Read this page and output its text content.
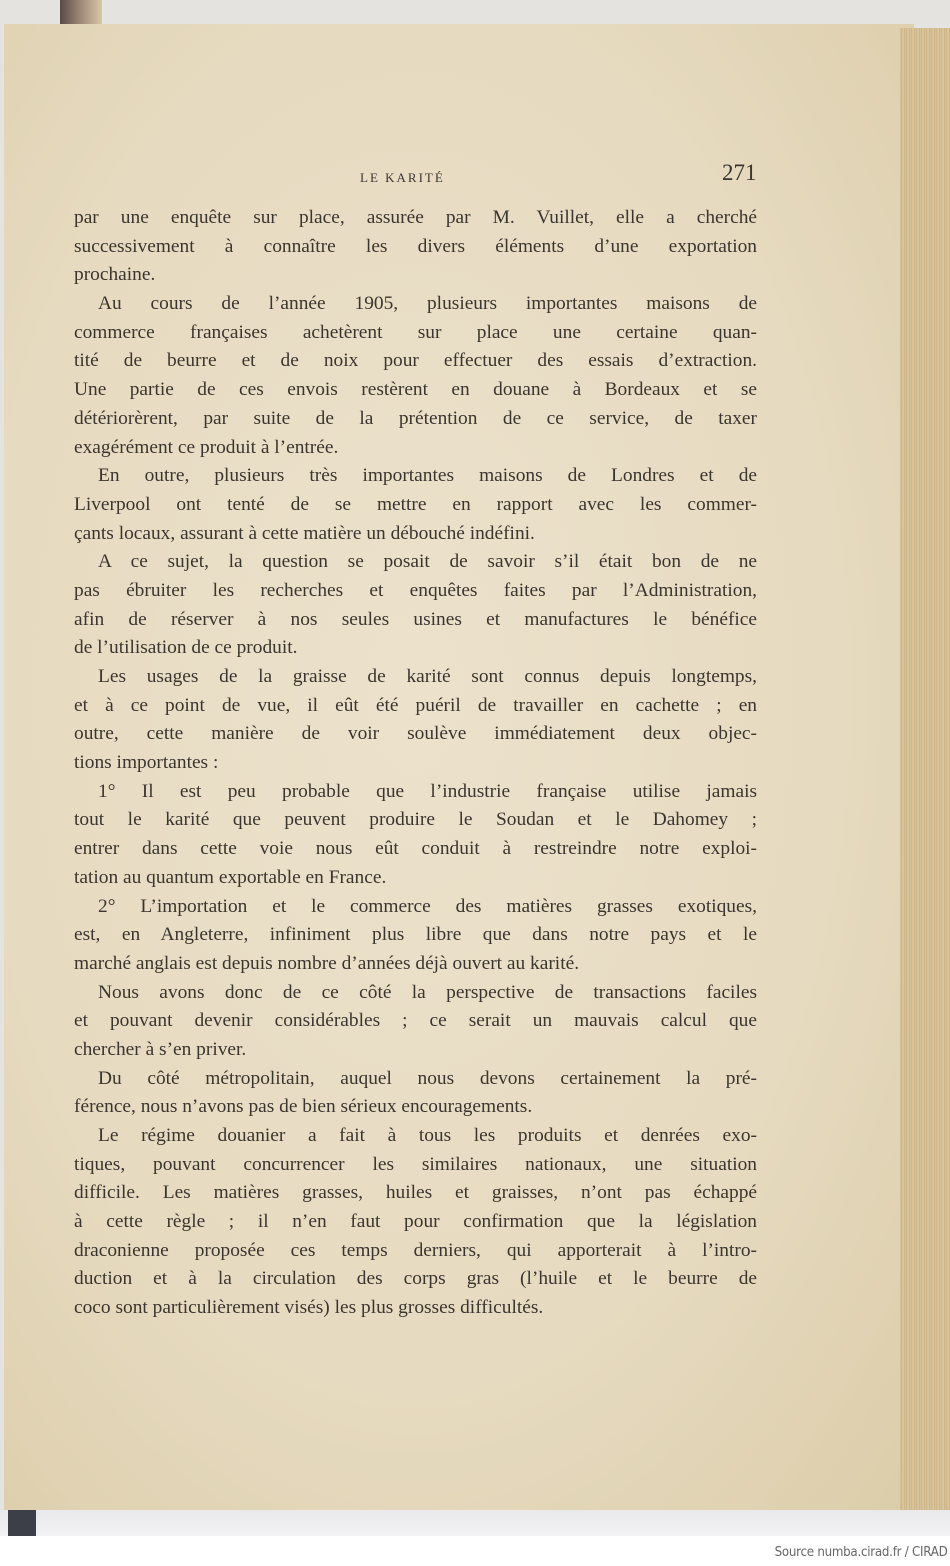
LE KARITÉ	271
par une enquête sur place, assurée par M. Vuillet, elle a cherché
successivement à connaître les divers éléments d’une exportation
prochaine.
Au cours de l’année 1905, plusieurs importantes maisons de
commerce françaises achetèrent sur place une certaine quan-
tité de beurre et de noix pour effectuer des essais d’extraction.
Une partie de ces envois restèrent en douane à Bordeaux et se
détériorèrent, par suite de la prétention de ce service, de taxer
exagérément ce produit à l’entrée.
En outre, plusieurs très importantes maisons de Londres et de
Liverpool ont tenté de se mettre en rapport avec les commer-
çants locaux, assurant à cette matière un débouché indéfini.
A ce sujet, la question se posait de savoir s’il était bon de ne
pas ébruiter les recherches et enquêtes faites par l’Administration,
afin de réserver à nos seules usines et manufactures le bénéfice
de l’utilisation de ce produit.
Les usages de la graisse de karité sont connus depuis longtemps,
et à ce point de vue, il eût été puéril de travailler en cachette ; en
outre, cette manière de voir soulève immédiatement deux objec-
tions importantes :
1° Il est peu probable que l’industrie française utilise jamais
tout le karité que peuvent produire le Soudan et le Dahomey ;
entrer dans cette voie nous eût conduit à restreindre notre exploi-
tation au quantum exportable en France.
2° L’importation et le commerce des matières grasses exotiques,
est, en Angleterre, infiniment plus libre que dans notre pays et le
marché anglais est depuis nombre d’années déjà ouvert au karité.
Nous avons donc de ce côté la perspective de transactions faciles
et pouvant devenir considérables ; ce serait un mauvais calcul que
chercher à s’en priver.
Du côté métropolitain, auquel nous devons certainement la pré-
férence, nous n’avons pas de bien sérieux encouragements.
Le régime douanier a fait à tous les produits et denrées exo-
tiques, pouvant concurrencer les similaires nationaux, une situation
difficile. Les matières grasses, huiles et graisses, n’ont pas échappé
à cette règle ; il n’en faut pour confirmation que la législation
draconienne proposée ces temps derniers, qui apporterait à l’intro-
duction et à la circulation des corps gras (l’huile et le beurre de
coco sont particulièrement visés) les plus grosses difficultés.
Source numba.cirad.fr / CIRAD
